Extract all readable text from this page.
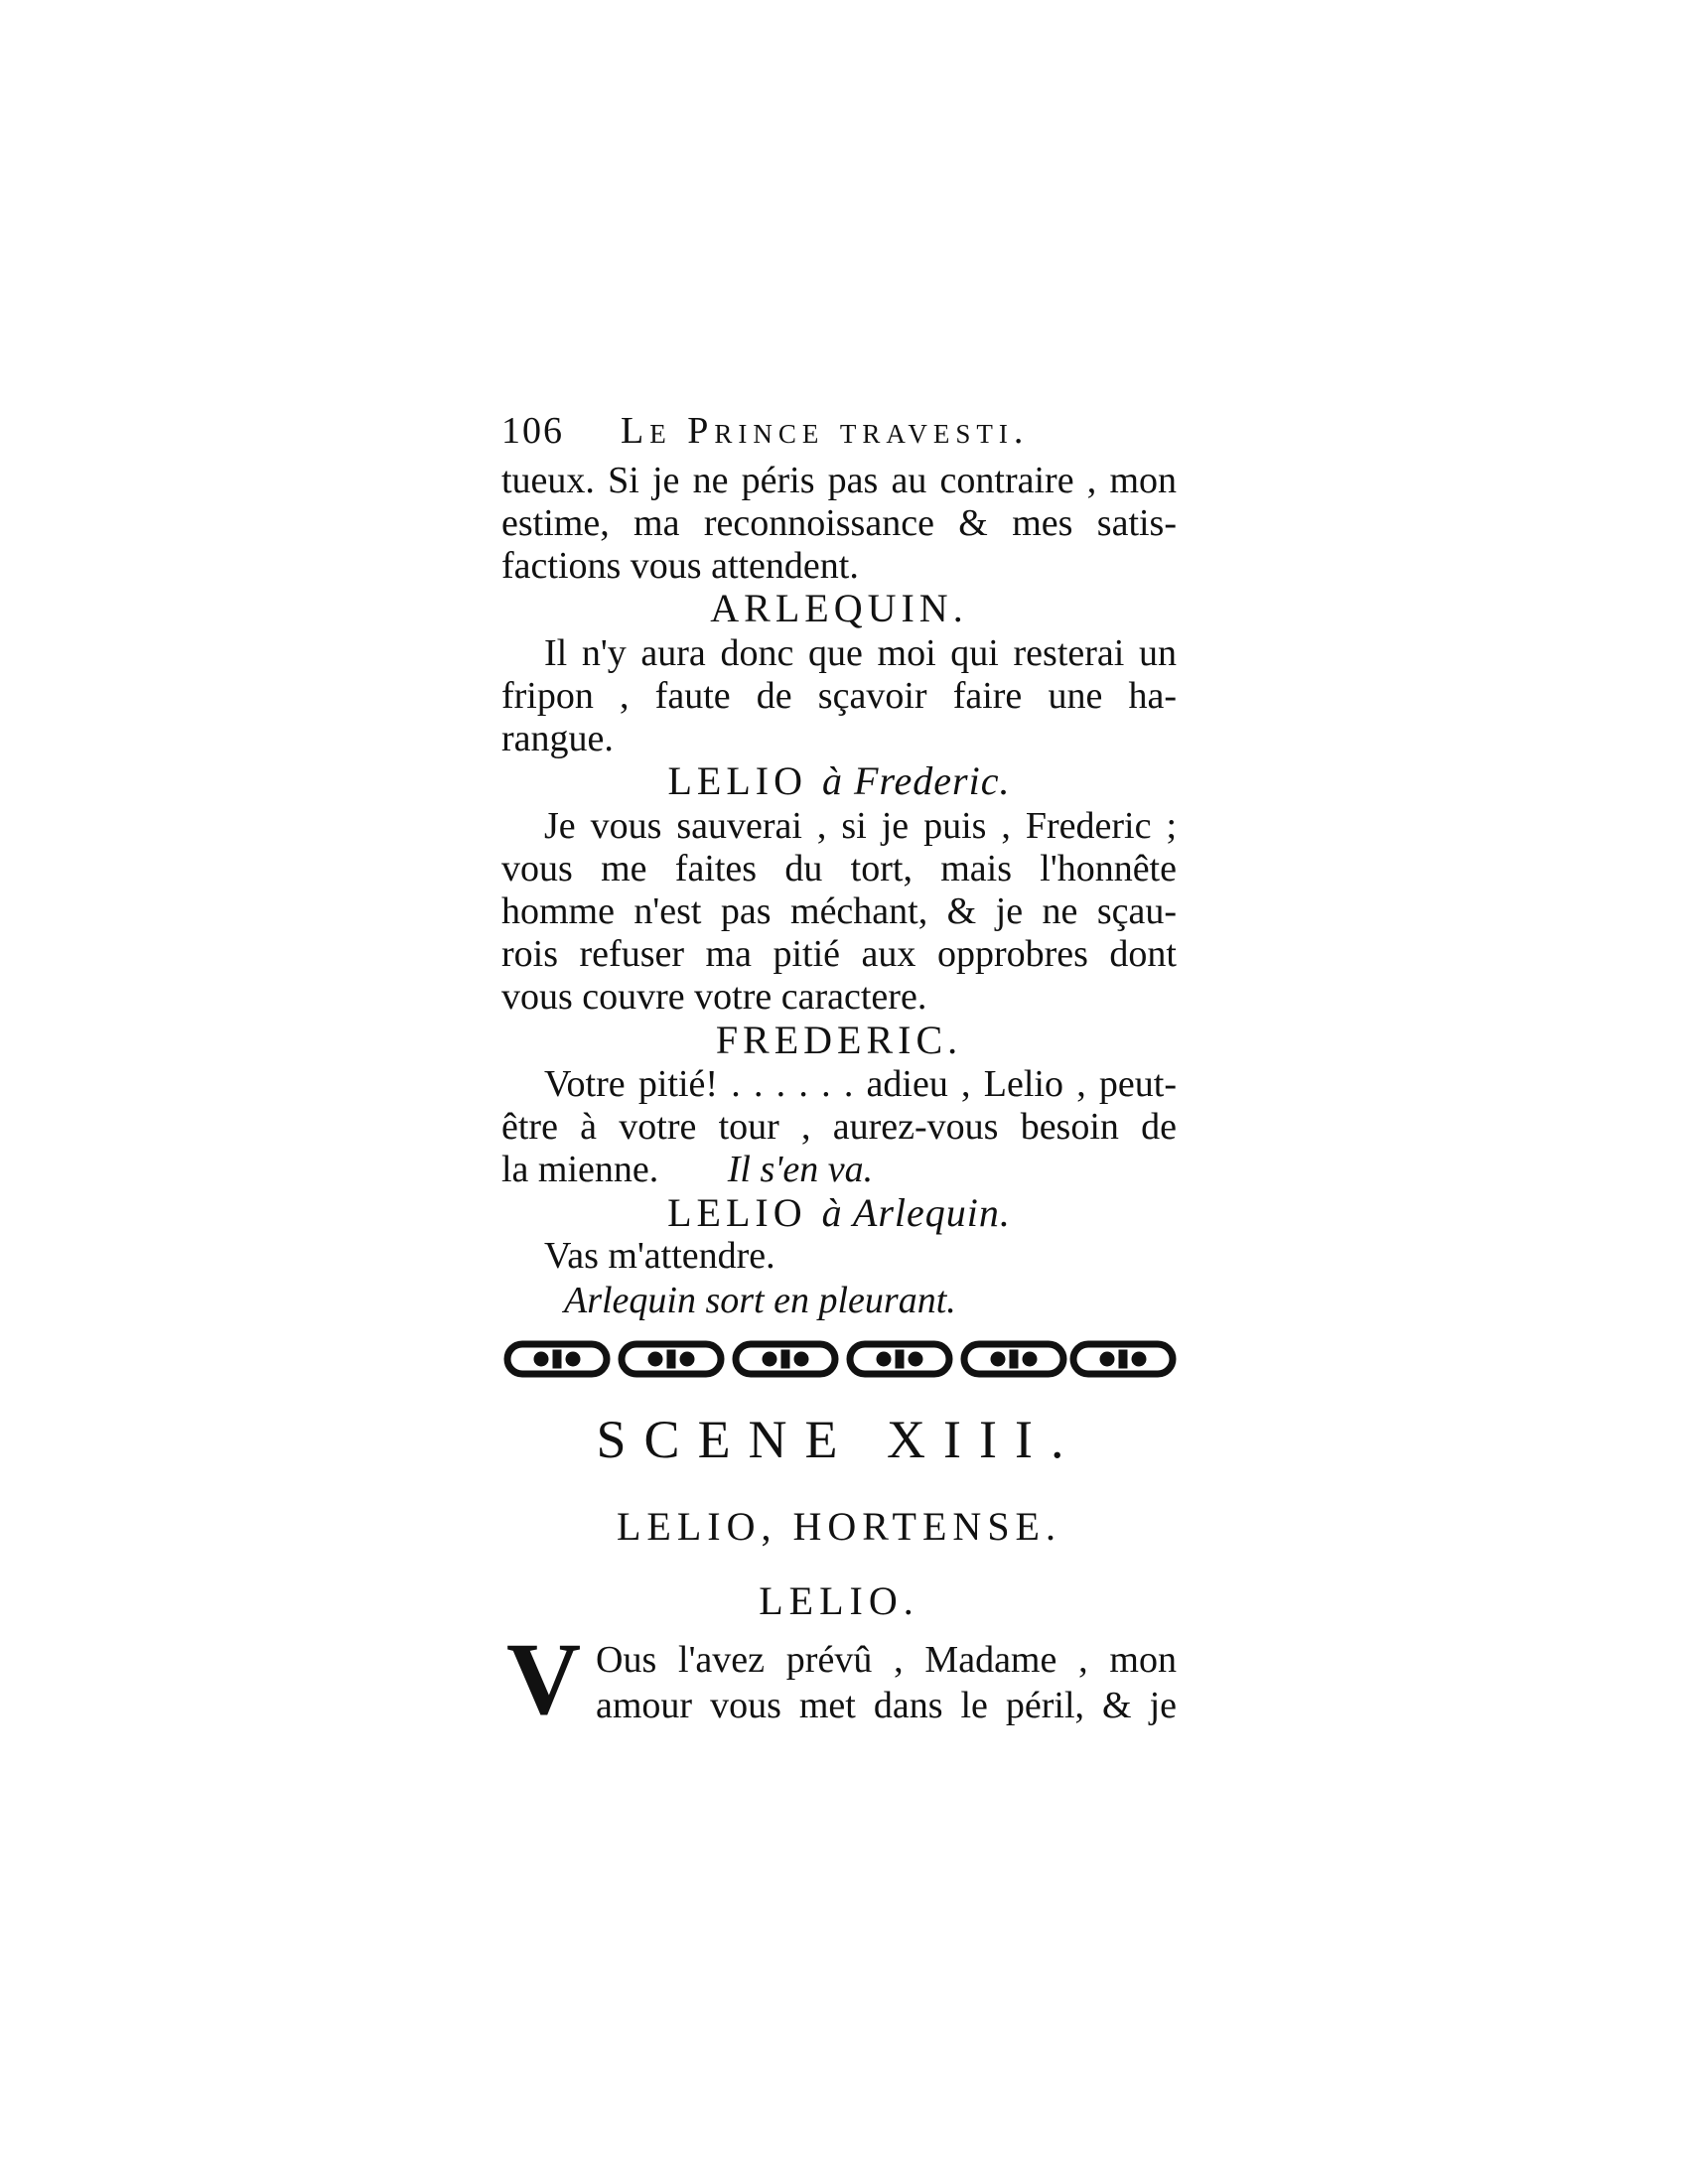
106 Le Prince travesti.
tueux. Si je ne péris pas au contraire , mon
estime, ma reconnoissance & mes satis-
factions vous attendent.
ARLEQUIN.
Il n'y aura donc que moi qui resterai un
fripon , faute de sçavoir faire une ha-
rangue.
LELIO à Frederic.
Je vous sauverai , si je puis , Frederic ;
vous me faites du tort, mais l'honnête
homme n'est pas méchant, & je ne sçau-
rois refuser ma pitié aux opprobres dont
vous couvre votre caractere.
FREDERIC.
Votre pitié! . . . . . . adieu , Lelio , peut-
être à votre tour , aurez-vous besoin de
la mienne. Il s'en va.
LELIO à Arlequin.
Vas m'attendre.
Arlequin sort en pleurant.
SCENE XIII.
LELIO, HORTENSE.
LELIO.
V Ous l'avez prévû , Madame , mon
amour vous met dans le péril, & je
